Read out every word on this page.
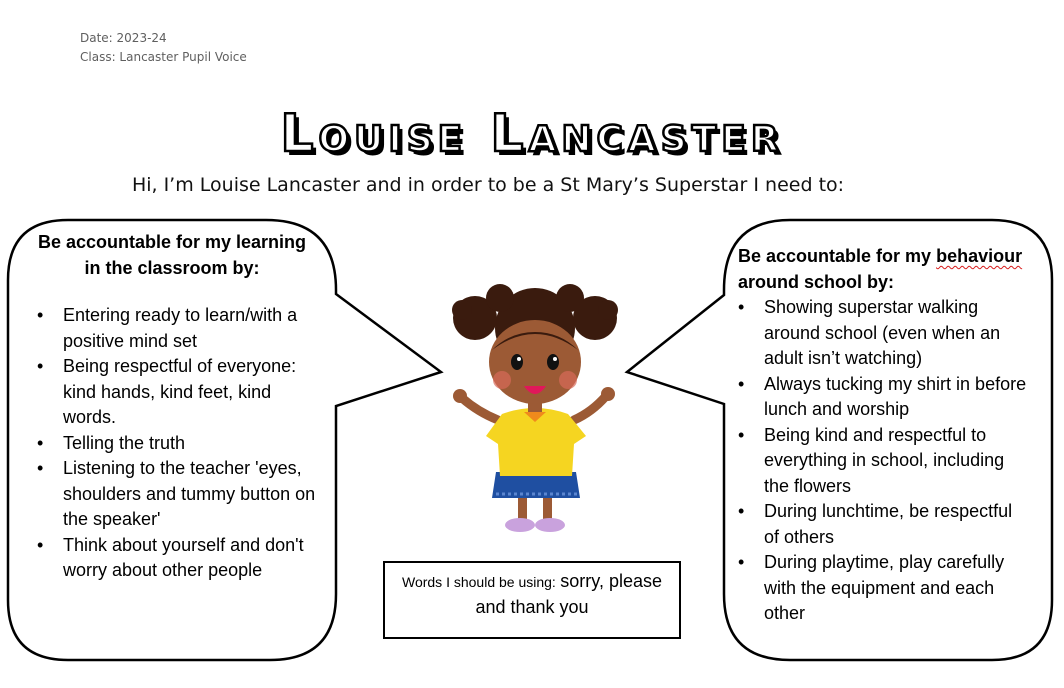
Date: 2023-24
Class: Lancaster Pupil Voice
Louise Lancaster
Hi, I’m Louise Lancaster and in order to be a St Mary’s Superstar I need to:
Be accountable for my learning in the classroom by:
• Entering ready to learn/with a positive mind set
• Being respectful of everyone: kind hands, kind feet, kind words.
• Telling the truth
• Listening to the teacher 'eyes, shoulders and tummy button on the speaker'
• Think about yourself and don't worry about other people
Be accountable for my behaviour around school by:
• Showing superstar walking around school (even when an adult isn’t watching)
• Always tucking my shirt in before lunch and worship
• Being kind and respectful to everything in school, including the flowers
• During lunchtime, be respectful of others
• During playtime, play carefully with the equipment and each other
Words I should be using: sorry, please and thank you
